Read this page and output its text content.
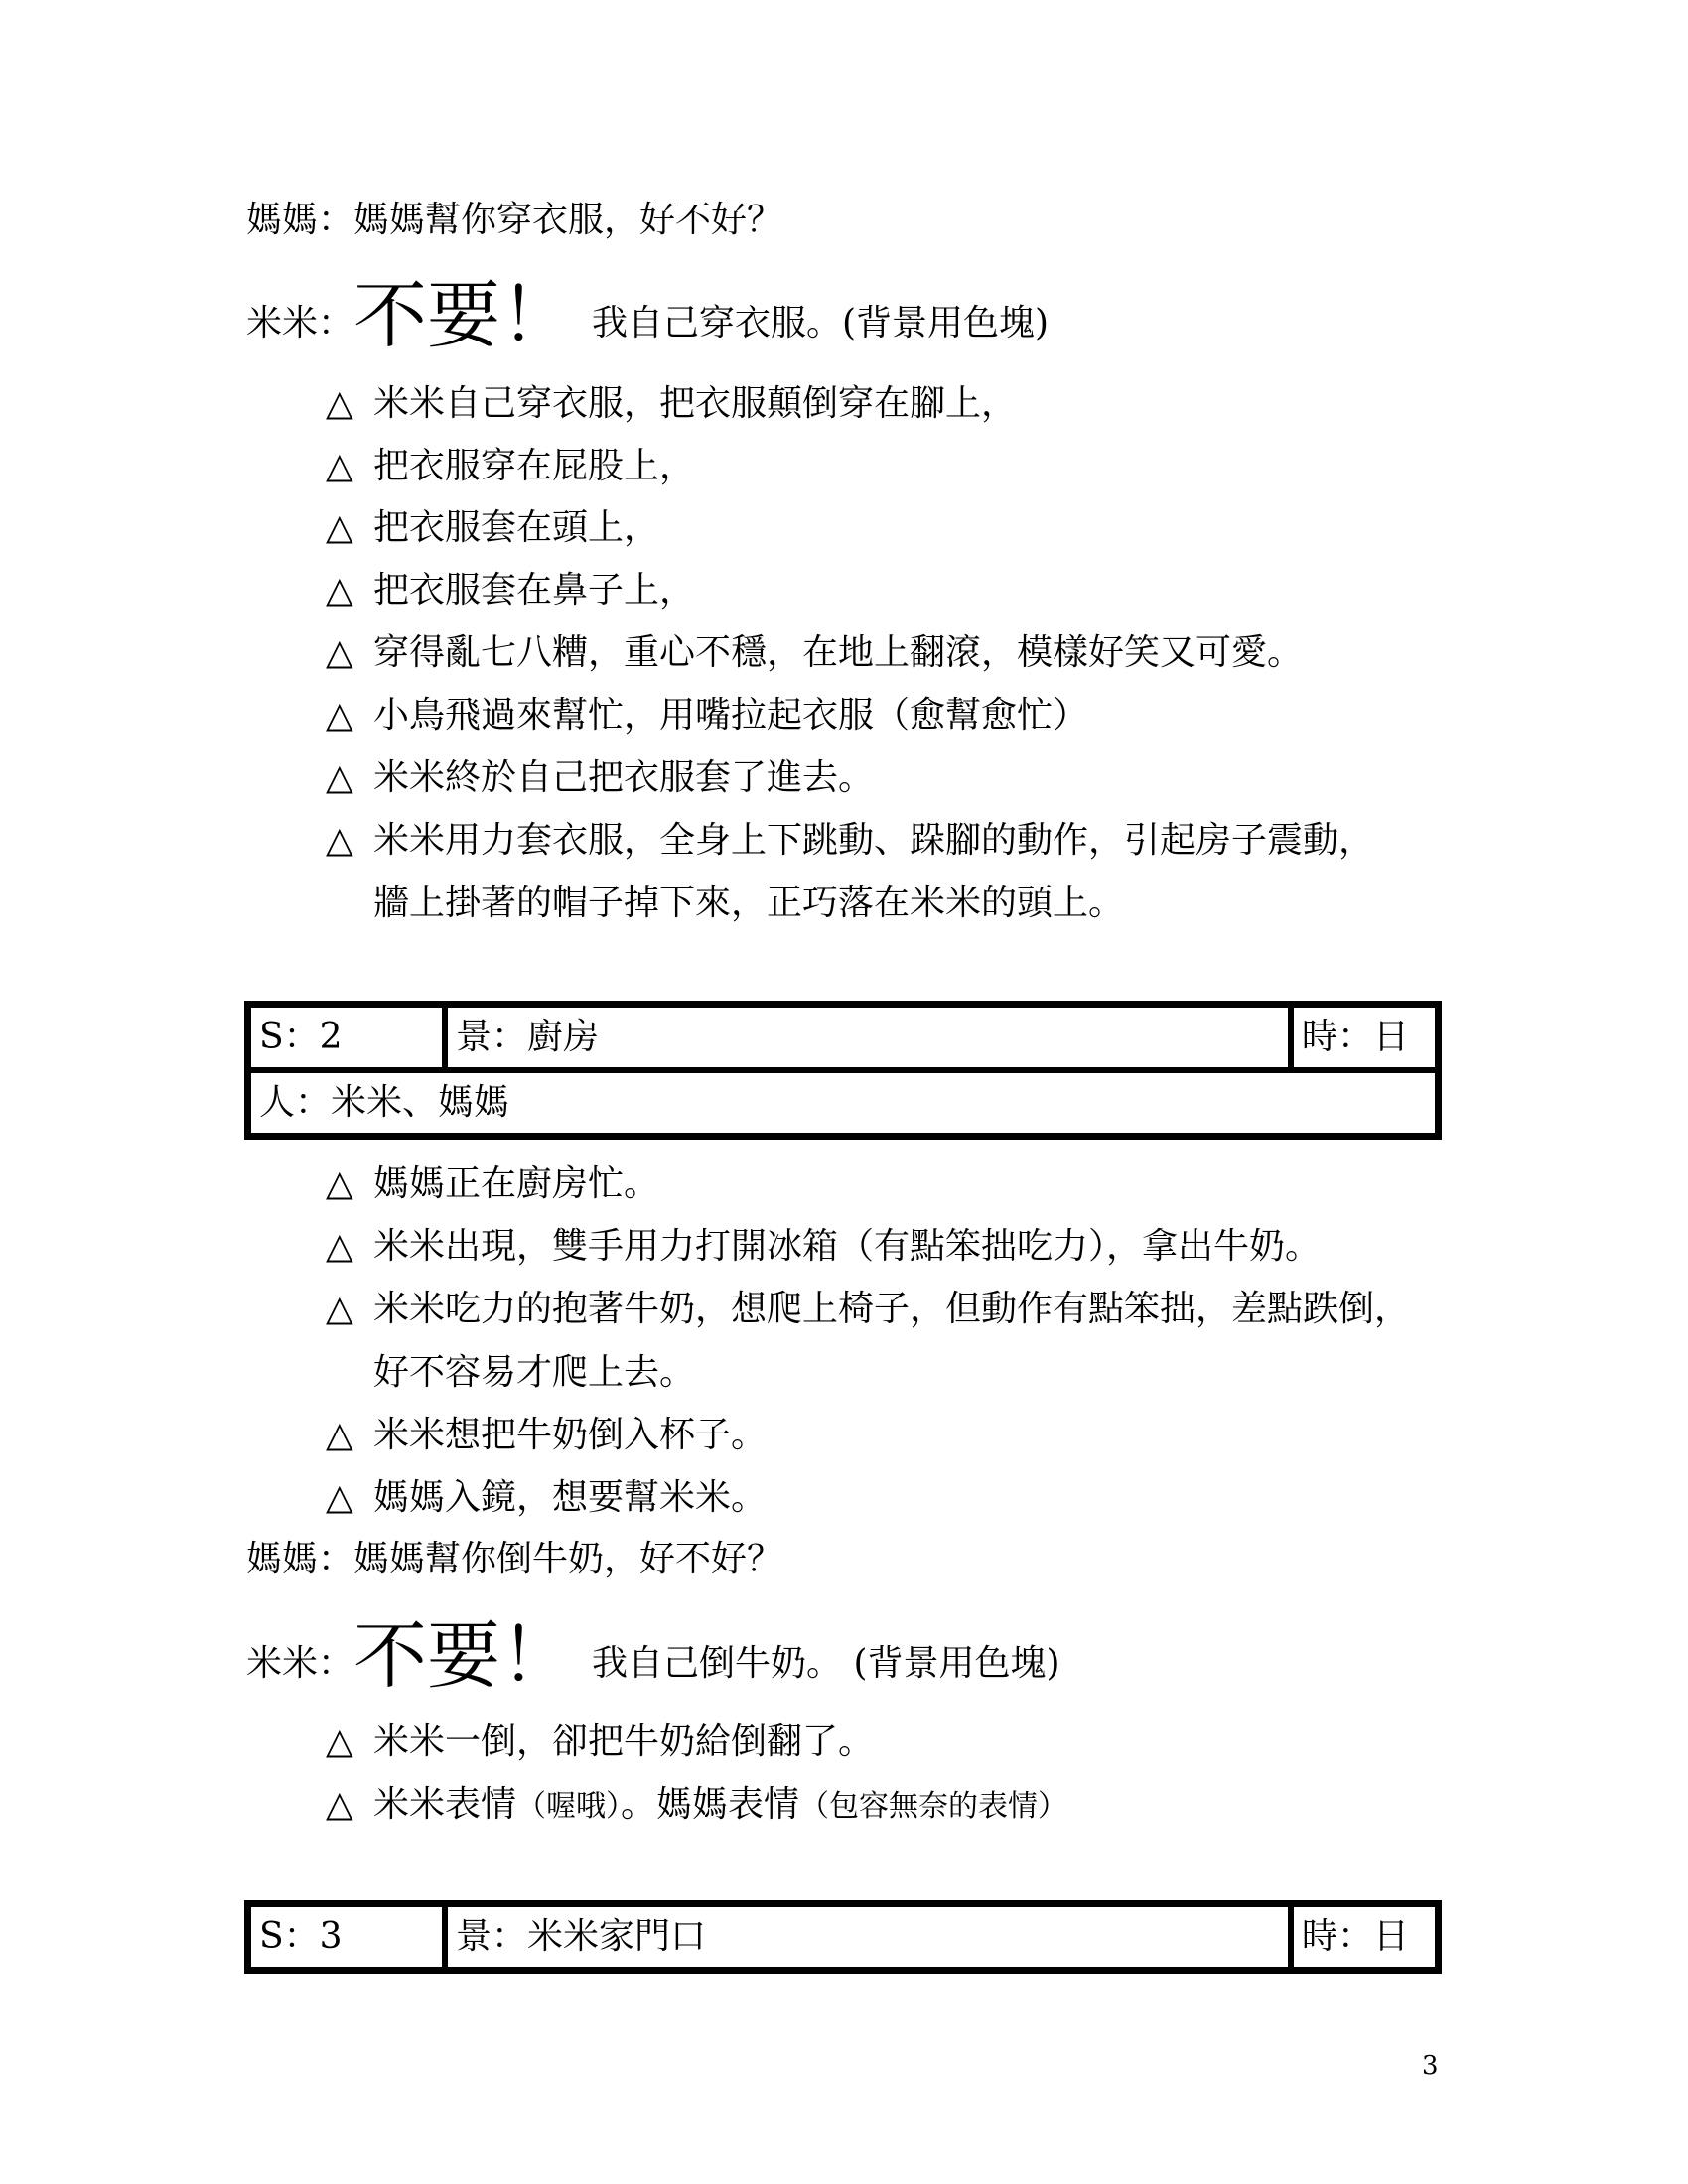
媽媽：媽媽幫你穿衣服，好不好？
米米：不要！ 我自己穿衣服。(背景用色塊)
△ 米米自己穿衣服，把衣服顛倒穿在腳上，
△ 把衣服穿在屁股上，
△ 把衣服套在頭上，
△ 把衣服套在鼻子上，
△ 穿得亂七八糟，重心不穩，在地上翻滾，模樣好笑又可愛。
△ 小鳥飛過來幫忙，用嘴拉起衣服（愈幫愈忙）
△ 米米終於自己把衣服套了進去。
△ 米米用力套衣服，全身上下跳動、跺腳的動作，引起房子震動，
牆上掛著的帽子掉下來，正巧落在米米的頭上。
S：2	景：廚房	時：日
人：米米、媽媽
△ 媽媽正在廚房忙。
△ 米米出現，雙手用力打開冰箱（有點笨拙吃力），拿出牛奶。
△ 米米吃力的抱著牛奶，想爬上椅子，但動作有點笨拙，差點跌倒，
好不容易才爬上去。
△ 米米想把牛奶倒入杯子。
△ 媽媽入鏡，想要幫米米。
媽媽：媽媽幫你倒牛奶，好不好？
米米：不要！ 我自己倒牛奶。 (背景用色塊)
△ 米米一倒，卻把牛奶給倒翻了。
△ 米米表情（喔哦）。媽媽表情（包容無奈的表情）
S：3	景：米米家門口	時：日
3
